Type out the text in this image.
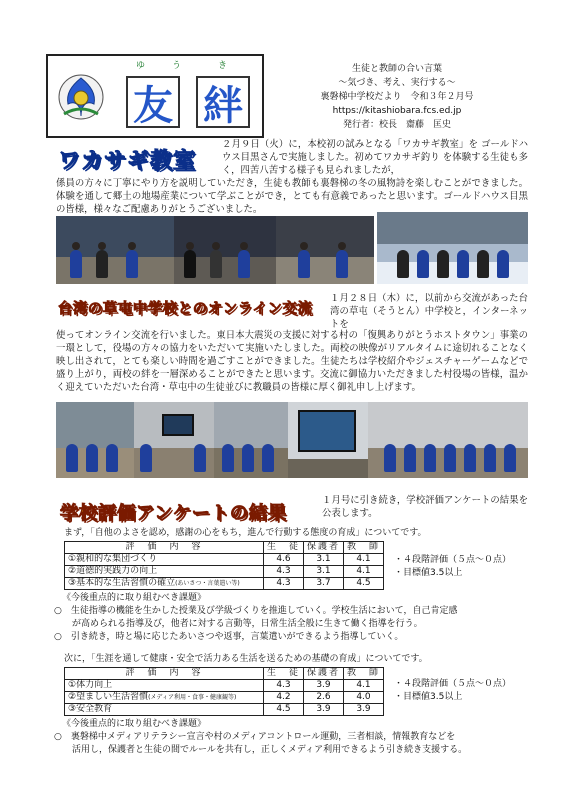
ゆ	う	き
友 絆
生徒と教師の合い言葉
～気づき、考え、実行する～
裏磐梯中学校だより　令和３年２月号
https://kitashiobara.fcs.ed.jp
発行者：校長　齋藤　匡史
ワカサギ教室
２月９日（火）に，本校初の試みとなる「ワカサギ教室」を ゴールドハウス目黒さんで実施しました。初めてワカサギ釣り を体験する生徒も多く，四苦八苦する様子も見られましたが，
係員の方々に丁寧にやり方を説明していただき，生徒も教師も裏磐梯の冬の風物詩を楽しむことができました。体験を通して郷土の地場産業について学ぶことができ，とても有意義であったと思います。ゴールドハウス目黒の皆様，様々なご配慮ありがとうございました。
台湾の草屯中学校とのオンライン交流
１月２８日（木）に，以前から交流があった台湾の草屯（そうとん）中学校と，インターネットを
使ってオンライン交流を行いました。東日本大震災の支援に対する村の「復興ありがとうホストタウン」事業の一環として，役場の方々の協力をいただいて実施いたしました。両校の映像がリアルタイムに途切れることなく映し出されて，とても楽しい時間を過ごすことができました。生徒たちは学校紹介やジェスチャーゲームなどで盛り上がり，両校の絆を一層深めることができたと思います。交流に御協力いただきました村役場の皆様，温かく迎えていただいた台湾・草屯中の生徒並びに教職員の皆様に厚く御礼申し上げます。
学校評価アンケートの結果
１月号に引き続き，学校評価アンケートの結果を公表します。
まず，「自他のよさを認め，感謝の心をもち，進んで行動する態度の育成」についてです。
評　価　内　容	生　徒	保護者	教　師
①親和的な集団づくり	4.6	3.1	4.1
②道徳的実践力の向上	4.3	3.1	4.1
③基本的な生活習慣の確立(あいさつ・言葉遣い等)	4.3	3.7	4.5
・４段階評価（５点～０点）
・目標値3.5以上
《今後重点的に取り組むべき課題》
○　生徒指導の機能を生かした授業及び学級づくりを推進していく。学校生活において，自己肯定感
　　が高められる指導及び，他者に対する言動等，日常生活全般に生きて働く指導を行う。
○　引き続き，時と場に応じたあいさつや返事，言葉遣いができるよう指導していく。
次に，「生涯を通して健康・安全で活力ある生活を送るための基礎の育成」についてです。
評　価　内　容	生　徒	保護者	教　師
①体力向上	4.3	3.9	4.1
②望ましい生活習慣(メディア利用・食事・健康観等)	4.2	2.6	4.0
③安全教育	4.5	3.9	3.9
・４段階評価（５点～０点）
・目標値3.5以上
《今後重点的に取り組むべき課題》
○　裏磐梯中メディアリテラシー宣言や村のメディアコントロール運動，三者相談，情報教育などを
　　活用し，保護者と生徒の間でルールを共有し，正しくメディア利用できるよう引き続き支援する。
